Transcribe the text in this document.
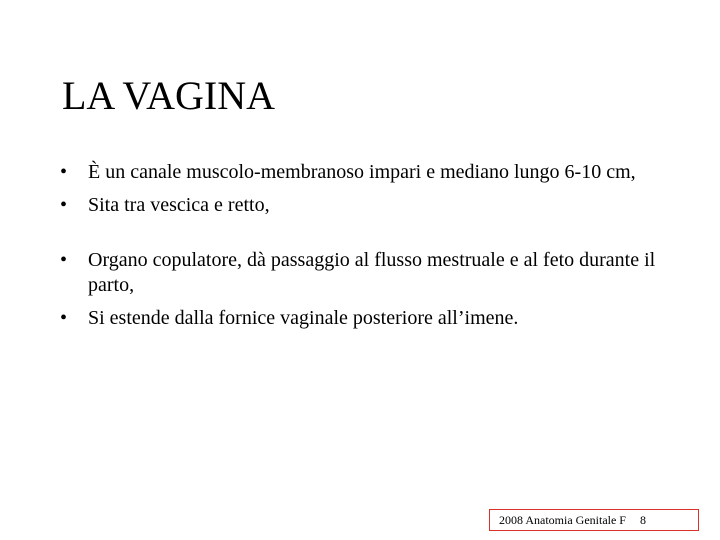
LA VAGINA
•	È un canale muscolo-membranoso impari e mediano lungo 6-10 cm,
•	Sita tra vescica e retto,
•	Organo copulatore, dà passaggio al flusso mestruale e al feto durante il parto,
•	Si estende dalla fornice vaginale posteriore all’imene.
2008 Anatomia Genitale F 8
